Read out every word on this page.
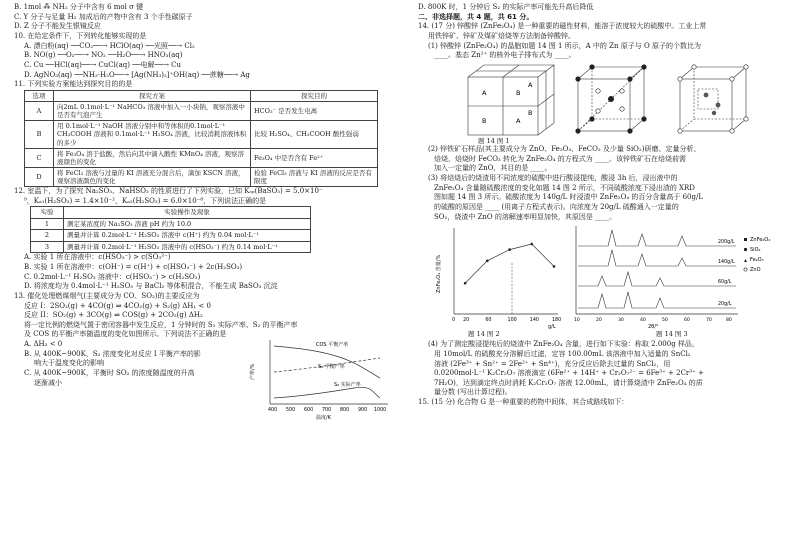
B. 1mol ⁂ NH₂ 分子中含有 6 mol σ 键
C. Y 分子与足量 H₂ 加成后的产物中含有 3 个手性碳原子
D. Z 分子不能发生银镜反应
10. 在给定条件下，下列转化能够实现的是
A. 漂白粉(aq) ──CO₂──→ HClO(aq) ──光照──→ Cl₂
B. NO(g) ──O₂──→ NO₂ ──H₂O──→ HNO₃(aq)
C. Cu ──HCl(aq)──→ CuCl(aq) ──电解──→ Cu
D. AgNO₃(aq) ──NH₃·H₂O──→ [Ag(NH₃)₂]⁺OH(aq) ──蔗糖──→ Ag
11. 下列实验方案能达到探究目的的是
选项	探究方案	探究目的
A	向2mL 0.1mol·L⁻¹ NaHCO₃ 溶液中加入一小块钠，观察溶液中是否有气泡产生	HCO₃⁻ 是否发生电离
B	用 0.1mol·L⁻¹ NaOH 溶液分别中和等体积的0.1mol·L⁻¹ CH₃COOH 溶液和 0.1mol·L⁻¹ H₂SO₄ 溶液，比较消耗溶液体积的多少	比较 H₂SO₄、CH₃COOH 酸性强弱
C	将 Fe₃O₄ 溶于盐酸，然后向其中滴入酸性 KMnO₄ 溶液，观察溶液颜色的变化	Fe₃O₄ 中是否含有 Fe²⁺
D	将 FeCl₃ 溶液与过量的 KI 溶液充分混合后，滴加 KSCN 溶液，观察溶液颜色的变化	检验 FeCl₃ 溶液与 KI 溶液的反应是否有限度
12. 室温下，为了探究 Na₂SO₃、NaHSO₃ 的性质进行了下列实验，已知 Kₛₚ(BaSO₃) = 5.0×10⁻
⁹，Kₐ₁(H₂SO₃) = 1.4×10⁻²，Kₐ₂(H₂SO₃) = 6.0×10⁻⁸，下列说法正确的是
实验	实验操作及现象
1	测定某浓度的 Na₂SO₃ 溶液 pH 约为 10.0
2	测量并计算 0.2mol·L⁻¹ H₂SO₃ 溶液中 c(H⁺) 约为 0.04 mol·L⁻¹
3	测量并计算 0.2mol·L⁻¹ H₂SO₃ 溶液中的 c(HSO₃⁻) 约为 0.14 mol·L⁻¹
A. 实验 1 所在溶液中：c(HSO₃⁻) > c(SO₃²⁻)
B. 实验 1 所在溶液中：c(OH⁻) = c(H⁺) + c(HSO₃⁻) + 2c(H₂SO₃)
C. 0.2mol·L⁻¹ H₂SO₃ 溶液中：c(HSO₃⁻) > c(H₂SO₃)
D. 将浓度均为 0.4mol·L⁻¹ H₂SO₃ 与 BaCl₂ 等体积混合，不能生成 BaSO₃ 沉淀
13. 催化处理燃煤烟气(主要成分为 CO、SO₂)的主要反应为
反应 I：2SO₂(g) + 4CO(g) ⇌ 4CO₂(g) + S₂(g) ΔH₁ < 0
反应 II：SO₂(g) + 3CO(g) ⇌ COS(g) + 2CO₂(g) ΔH₂
将一定比例的燃烧气置于密闭容器中发生反应，1 分钟时的 S₂ 实际产率、S₂ 的平衡产率
及 COS 的平衡产率随温度的变化如图所示。下列说法不正确的是
A. ΔH₂ < 0
B. 从 400K~900K，S₂ 浓度变化对反应 I 平衡产率的影
响大于温度变化的影响
C. 从 400K~900K，平衡时 SO₂ 的浓度随温度的升高
逐渐减小
COS 平衡产率
S₂ 平衡产率
S₂ 实际产率
产率/%
400 500 600 700 800 900 1000
温度/K
D. 800K 时，1 分钟后 S₂ 的实际产率可能先升高后降低
二、非选择题，共 4 题，共 61 分。
14. (17 分) 锌酸锌 (ZnFe₂O₄) 是一种重要的磁性材料，能溶于浓度较大的硫酸中。工业上常
用铁锌矿、锌矿及煤矿焙烧等方法制备锌酸锌。
(1) 锌酸锌 (ZnFe₂O₄) 的晶胞如题 14 图 1 所示，A 中的 Zn 原子与 O 原子的个数比为
____。基态 Zn²⁺ 的核外电子排布式为 ____。
A	B
B	A
A
B
题 14 图 1
(2) 锌铁矿石样品(其主要成分为 ZnO、Fe₂O₃、FeCO₃ 及少量 SiO₂)研磨、定量分析、
焙烧，焙烧时 FeCO₃ 转化为 ZnFe₂O₄ 的方程式为 ____。该锌铁矿石在焙烧前需
加入一定量的 ZnO，其目的是 ____。
(3) 将焙烧后的烧渣用不同浓度的硫酸中进行酸浸提纯，酸浸 3h 后，浸出液中的
ZnFe₂O₄ 含量随硫酸浓度的变化如题 14 图 2 所示，不同硫酸浓度下浸出渣的 XRD
图如题 14 图 3 所示。硫酸浓度为 140g/L 时浸渣中 ZnFe₂O₄ 的百分含量高于 60g/L
的硫酸的原因是 ____ (用离子方程式表示)。向浓度为 20g/L 硫酸通入一定量的
SO₂，烧渣中 ZnO 的溶解速率明显加快，其原因是 ____。
ZnFe₂O₄ 含量/%
0 20	60	100	140	180
g/L
题 14 图 2
200g/L
140g/L
60g/L
20g/L
ZnFe₂O₄
SiO₂
Fe₂O₃
ZnO
10	20	30	40	50	60	70	80
2θ/°
题 14 图 3
(4) 为了测定酸浸提纯后的烧渣中 ZnFe₂O₄ 含量，进行如下实验：称取 2.000g 样品，
用 10mol/L 的硫酸充分溶解后过滤，定容 100.00mL 该溶液中加入适量的 SnCl₂
溶液 (2Fe³⁺ + Sn²⁺ = 2Fe²⁺ + Sn⁴⁺)，充分反应后除去过量的 SnCl₂，用
0.0200mol·L⁻¹ K₂Cr₂O₇ 溶液滴定 (6Fe²⁺ + 14H⁺ + Cr₂O₇²⁻ = 6Fe³⁺ + 2Cr³⁺ +
7H₂O)，达到滴定终点时消耗 K₂Cr₂O₇ 溶液 12.00mL，请计算烧渣中 ZnFe₂O₄ 的质
量分数 (写出计算过程)。
15. (15 分) 化合物 G 是一种重要的药物中间体，其合成路线如下：
